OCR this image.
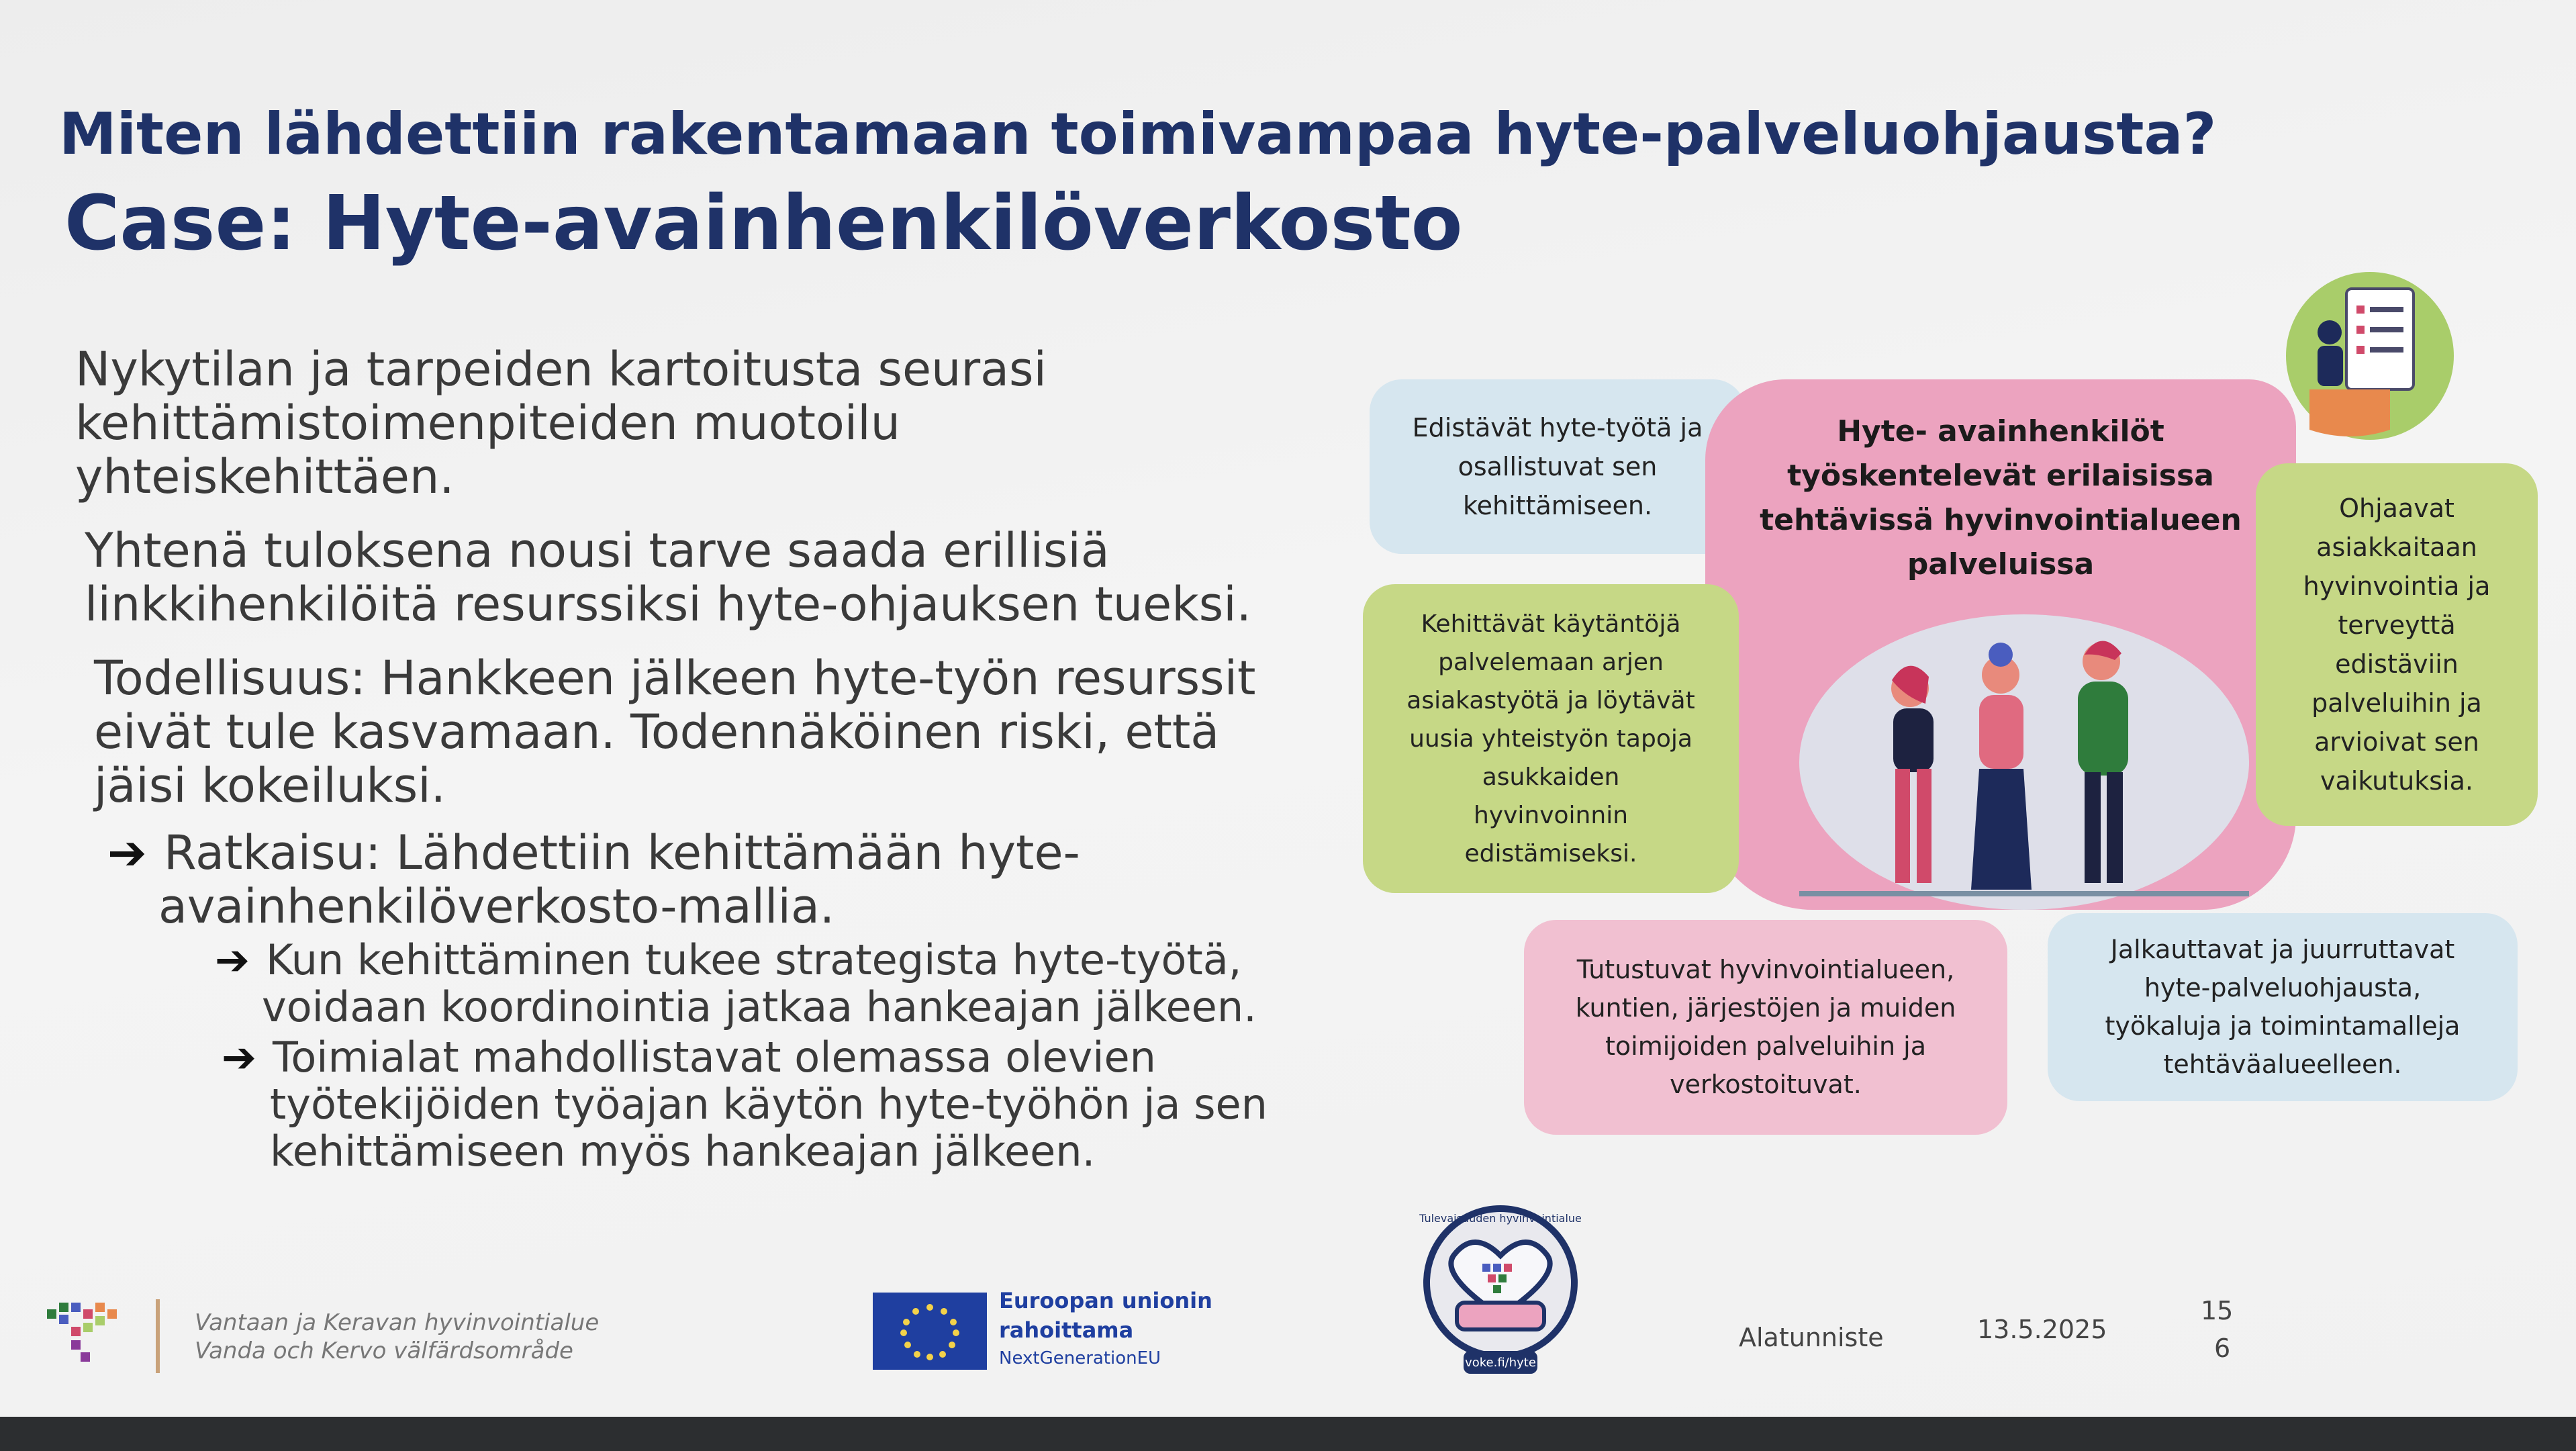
Miten lähdettiin rakentamaan toimivampaa hyte-palveluohjausta?
Case: Hyte-avainhenkilöverkosto
Nykytilan ja tarpeiden kartoitusta seurasi
kehittämistoimenpiteiden muotoilu
yhteiskehittäen.
Yhtenä tuloksena nousi tarve saada erillisiä
linkkihenkilöitä resurssiksi hyte-ohjauksen tueksi.
Todellisuus: Hankkeen jälkeen hyte-työn resurssit
eivät tule kasvamaan. Todennäköinen riski, että
jäisi kokeiluksi.
➔ Ratkaisu: Lähdettiin kehittämään hyte-
avainhenkilöverkosto-mallia.
➔ Kun kehittäminen tukee strategista hyte-työtä,
voidaan koordinointia jatkaa hankeajan jälkeen.
➔ Toimialat mahdollistavat olemassa olevien
työtekijöiden työajan käytön hyte-työhön ja sen
kehittämiseen myös hankeajan jälkeen.
Edistävät hyte-työtä ja
osallistuvat sen
kehittämiseen.
Hyte- avainhenkilöt
työskentelevät erilaisissa
tehtävissä hyvinvointialueen
palveluissa
Kehittävät käytäntöjä
palvelemaan arjen
asiakastyötä ja löytävät
uusia yhteistyön tapoja
asukkaiden
hyvinvoinnin
edistämiseksi.
Ohjaavat
asiakkaitaan
hyvinvointia ja
terveyttä
edistäviin
palveluihin ja
arvioivat sen
vaikutuksia.
Tutustuvat hyvinvointialueen,
kuntien, järjestöjen ja muiden
toimijoiden palveluihin ja
verkostoituvat.
Jalkauttavat ja juurruttavat
hyte-palveluohjausta,
työkaluja ja toimintamalleja
tehtäväalueelleen.
Vantaan ja Keravan hyvinvointialue
Vanda och Kervo välfärdsområde
Euroopan unionin
rahoittama
NextGenerationEU	voke.fi/hyte
Tulevaisuuden hyvinvointialue
Alatunniste	13.5.2025
15
6
